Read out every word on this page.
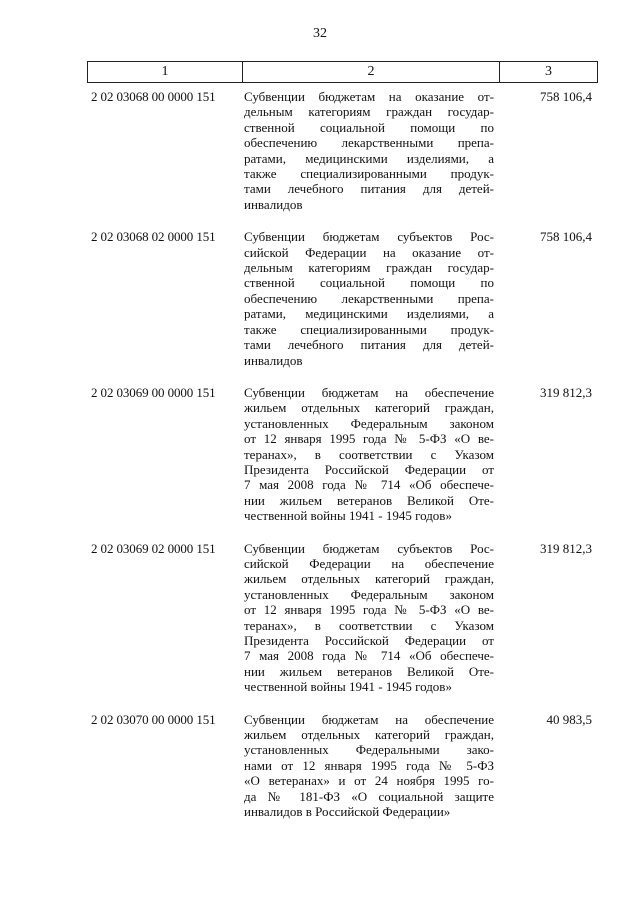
32
1	2	3
2 02 03068 00 0000 151 Субвенции бюджетам на оказание от-
дельным категориям граждан государ-
ственной социальной помощи по
обеспечению лекарственными препа-
ратами, медицинскими изделиями, а
также специализированными продук-
тами лечебного питания для детей-
инвалидов
758 106,4
2 02 03068 02 0000 151 Субвенции бюджетам субъектов Рос-
сийской Федерации на оказание от-
дельным категориям граждан государ-
ственной социальной помощи по
обеспечению лекарственными препа-
ратами, медицинскими изделиями, а
также специализированными продук-
тами лечебного питания для детей-
инвалидов
758 106,4
2 02 03069 00 0000 151 Субвенции бюджетам на обеспечение
жильем отдельных категорий граждан,
установленных Федеральным законом
от 12 января 1995 года № 5-ФЗ «О ве-
теранах», в соответствии с Указом
Президента Российской Федерации от
7 мая 2008 года № 714 «Об обеспече-
нии жильем ветеранов Великой Оте-
чественной войны 1941 - 1945 годов»
319 812,3
2 02 03069 02 0000 151 Субвенции бюджетам субъектов Рос-
сийской Федерации на обеспечение
жильем отдельных категорий граждан,
установленных Федеральным законом
от 12 января 1995 года № 5-ФЗ «О ве-
теранах», в соответствии с Указом
Президента Российской Федерации от
7 мая 2008 года № 714 «Об обеспече-
нии жильем ветеранов Великой Оте-
чественной войны 1941 - 1945 годов»
319 812,3
2 02 03070 00 0000 151 Субвенции бюджетам на обеспечение
жильем отдельных категорий граждан,
установленных Федеральными зако-
нами от 12 января 1995 года № 5-ФЗ
«О ветеранах» и от 24 ноября 1995 го-
да № 181-ФЗ «О социальной защите
инвалидов в Российской Федерации»
40 983,5
